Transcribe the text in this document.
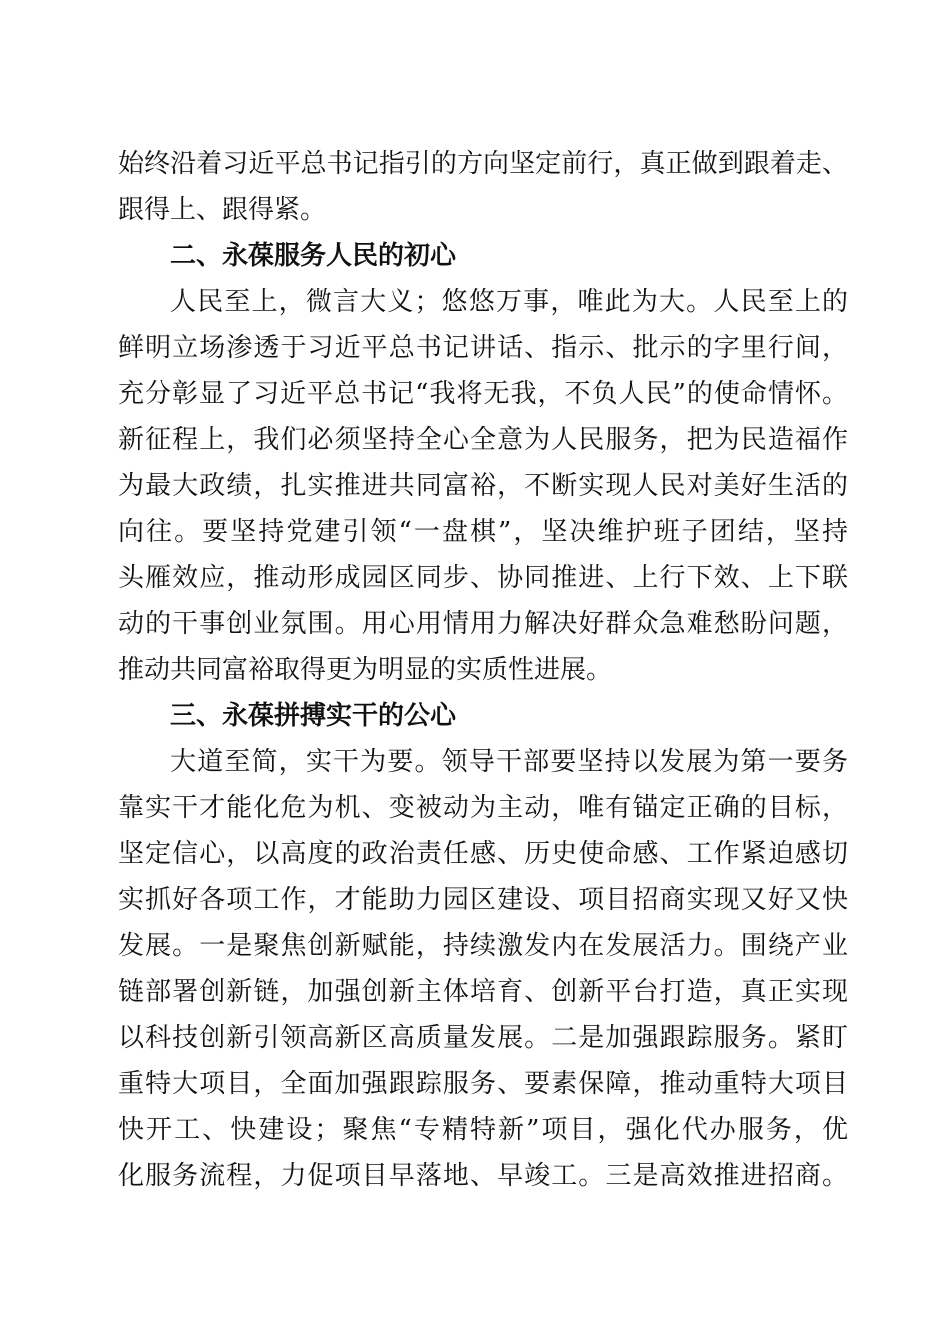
始终沿着习近平总书记指引的方向坚定前行，真正做到跟着走、
跟得上、跟得紧。
二、永葆服务人民的初心
人民至上，微言大义；悠悠万事，唯此为大。人民至上的
鲜明立场渗透于习近平总书记讲话、指示、批示的字里行间，
充分彰显了习近平总书记“我将无我，不负人民”的使命情怀。
新征程上，我们必须坚持全心全意为人民服务，把为民造福作
为最大政绩，扎实推进共同富裕，不断实现人民对美好生活的
向往。要坚持党建引领“一盘棋”，坚决维护班子团结，坚持
头雁效应，推动形成园区同步、协同推进、上行下效、上下联
动的干事创业氛围。用心用情用力解决好群众急难愁盼问题，
推动共同富裕取得更为明显的实质性进展。
三、永葆拼搏实干的公心
大道至简，实干为要。领导干部要坚持以发展为第一要务
靠实干才能化危为机、变被动为主动，唯有锚定正确的目标，
坚定信心，以高度的政治责任感、历史使命感、工作紧迫感切
实抓好各项工作，才能助力园区建设、项目招商实现又好又快
发展。一是聚焦创新赋能，持续激发内在发展活力。围绕产业
链部署创新链，加强创新主体培育、创新平台打造，真正实现
以科技创新引领高新区高质量发展。二是加强跟踪服务。紧盯
重特大项目，全面加强跟踪服务、要素保障，推动重特大项目
快开工、快建设；聚焦“专精特新”项目，强化代办服务，优
化服务流程，力促项目早落地、早竣工。三是高效推进招商。
